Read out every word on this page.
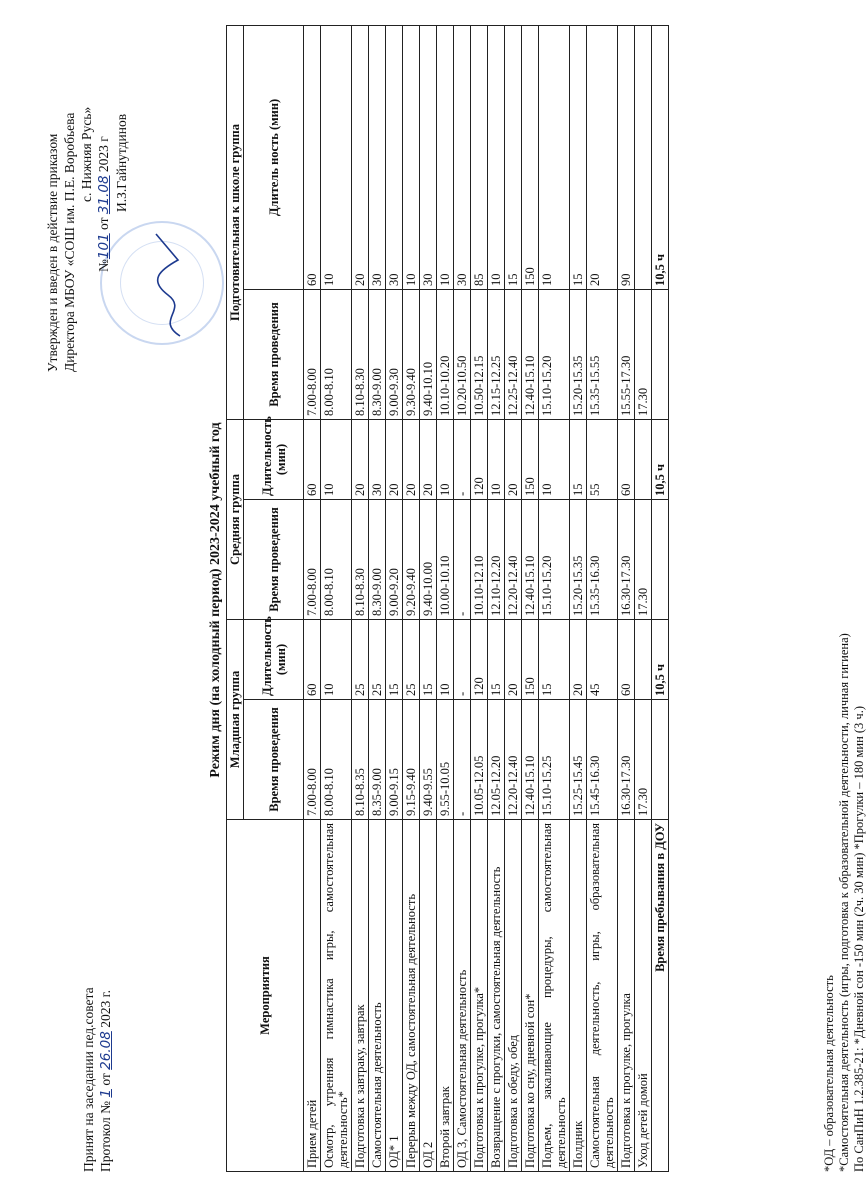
Принят на заседании пед.совета Протокол № 1 от 26.08 2023 г.
Утвержден и введен в действие приказом Директора МБОУ «СОШ им. П.Е. Воробьева с. Нижняя Русь»
№101 от 31.08 2023 г И.З.Гайнутдинов
Режим дня (на холодный период) 2023-2024 учебный год
Мероприятия	Младшая группа		Средняя группа		Подготовительная к школе группа	
	Время проведения	Длительность (мин)	Время проведения	Длительность (мин)	Время проведения	Длитель ность (мин)
Прием детей	7.00-8.00	60	7.00-8.00	60	7.00-8.00	60
Осмотр, утренняя гимнастика игры, самостоятельная деятельность*	8.00-8.10	10	8.00-8.10	10	8.00-8.10	10
Подготовка к завтраку, завтрак	8.10-8.35	25	8.10-8.30	20	8.10-8.30	20
Самостоятельная деятельность	8.35-9.00	25	8.30-9.00	30	8.30-9.00	30
ОД* 1	9.00-9.15	15	9.00-9.20	20	9.00-9.30	30
Перерыв между ОД, самостоятельная деятельность	9.15-9.40	25	9.20-9.40	20	9.30-9.40	10
ОД 2	9.40-9.55	15	9.40-10.00	20	9.40-10.10	30
Второй завтрак	9.55-10.05	10	10.00-10.10	10	10.10-10.20	10
ОД 3, Самостоятельная деятельность	-	-	-	-	10.20-10.50	30
Подготовка к прогулке, прогулка*	10.05-12.05	120	10.10-12.10	120	10.50-12.15	85
Возвращение с прогулки, самостоятельная деятельность	12.05-12.20	15	12.10-12.20	10	12.15-12.25	10
Подготовка к обеду, обед	12.20-12.40	20	12.20-12.40	20	12.25-12.40	15
Подготовка ко сну, дневной сон*	12.40-15.10	150	12.40-15.10	150	12.40-15.10	150
Подъем, закаливающие процедуры, самостоятельная деятельность	15.10-15.25	15	15.10-15.20	10	15.10-15.20	10
Полдник	15.25-15.45	20	15.20-15.35	15	15.20-15.35	15
Самостоятельная деятельность, игры, образовательная деятельность	15.45-16.30	45	15.35-16.30	55	15.35-15.55	20
Подготовка к прогулке, прогулка	16.30-17.30	60	16.30-17.30	60	15.55-17.30	90
Уход детей домой	17.30		17.30		17.30	
Время пребывания в ДОУ		10,5 ч		10,5 ч		10,5 ч
*ОД – образовательная деятельность *Самостоятельная деятельность (игры, подготовка к образовательной деятельности, личная гигиена) По СанПиН 1.2.385-21: *Дневной сон -150 мин (2ч. 30 мин) *Прогулки – 180 мин (3 ч.)
